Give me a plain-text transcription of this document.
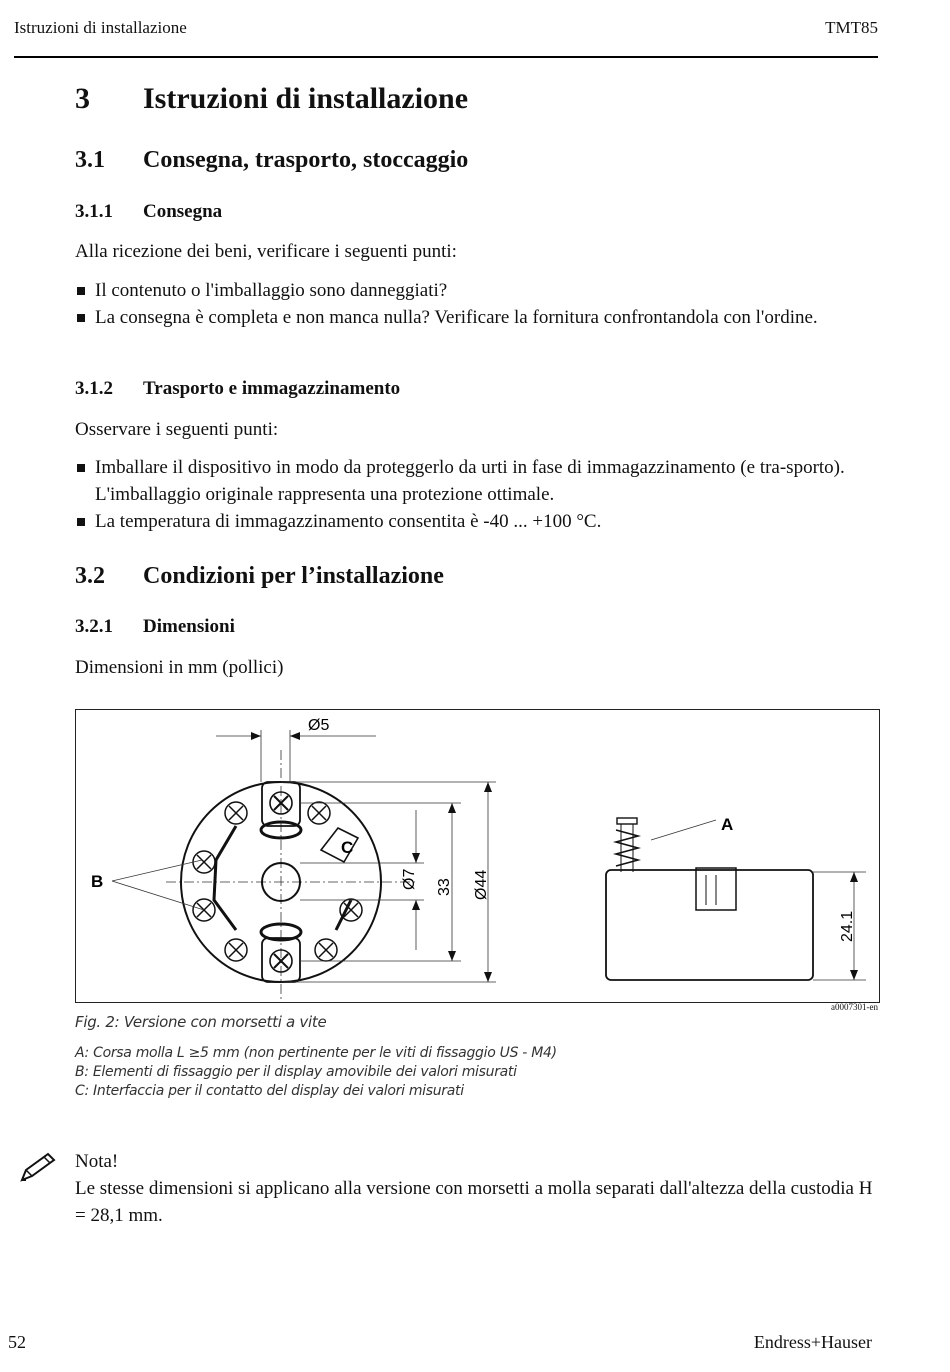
Istruzioni di installazione	TMT85
3 Istruzioni di installazione
3.1 Consegna, trasporto, stoccaggio
3.1.1 Consegna

Alla ricezione dei beni, verificare i seguenti punti:

Il contenuto o l'imballaggio sono danneggiati?
La consegna è completa e non manca nulla? Verificare la fornitura confrontandola con l'ordine.
3.1.2 Trasporto e immagazzinamento

Osservare i seguenti punti:

Imballare il dispositivo in modo da proteggerlo da urti in fase di immagazzinamento (e tra-sporto). L'imballaggio originale rappresenta una protezione ottimale.
La temperatura di immagazzinamento consentita è -40 ... +100 °C.
3.2 Condizioni per l’installazione
3.2.1 Dimensioni

Dimensioni in mm (pollici)

Ø5
Ø7 33 Ø44
B
C
A
24.1
a0007301-en
Fig. 2: Versione con morsetti a vite
A: Corsa molla L ≥5 mm (non pertinente per le viti di fissaggio US - M4)
B: Elementi di fissaggio per il display amovibile dei valori misurati
C: Interfaccia per il contatto del display dei valori misurati
Nota!
Le stesse dimensioni si applicano alla versione con morsetti a molla separati dall'altezza della custodia H = 28,1 mm.
52	Endress+Hauser
